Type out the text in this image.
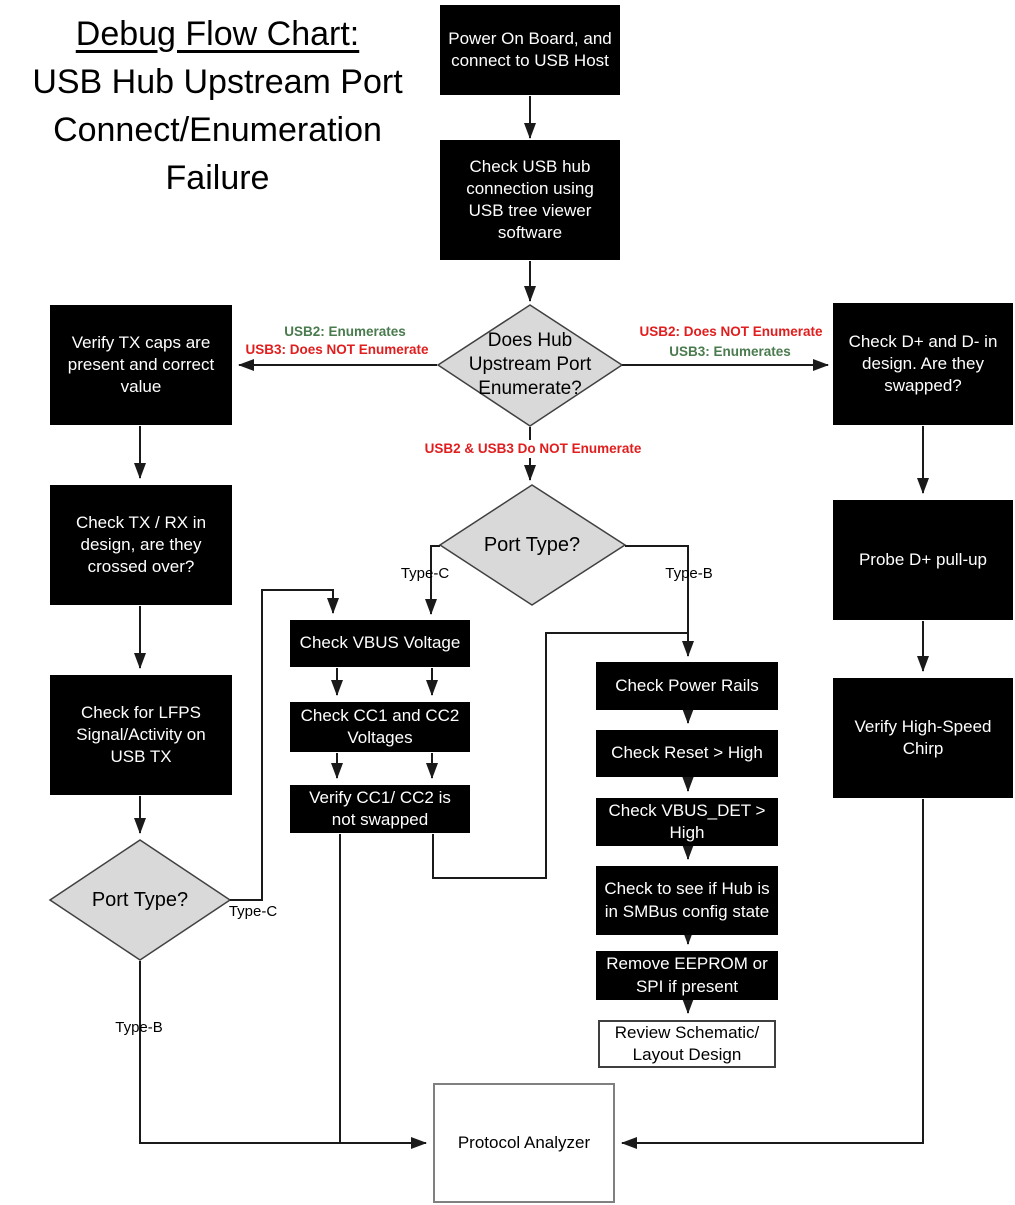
Debug Flow Chart:
USB Hub Upstream Port
Connect/Enumeration
Failure
Power On Board, and connect to USB Host
Check USB hub connection using USB tree viewer software
Verify TX caps are present and correct value
Check TX / RX in design, are they crossed over?
Check for LFPS Signal/Activity on USB TX
Check D+ and D- in design. Are they swapped?
Probe D+ pull-up
Verify High-Speed Chirp
Check VBUS Voltage
Check CC1 and CC2 Voltages
Verify CC1/ CC2 is not swapped
Check Power Rails
Check Reset > High
Check VBUS_DET > High
Check to see if Hub is in SMBus config state
Remove EEPROM or SPI if present
Review Schematic/ Layout Design
Protocol Analyzer
Does Hub Upstream Port Enumerate?
Port Type?
Port Type?
USB2: Enumerates
USB3: Does NOT Enumerate
USB2: Does NOT Enumerate
USB3: Enumerates
USB2 & USB3 Do NOT Enumerate
Type-C	Type-B
Type-C
Type-B
